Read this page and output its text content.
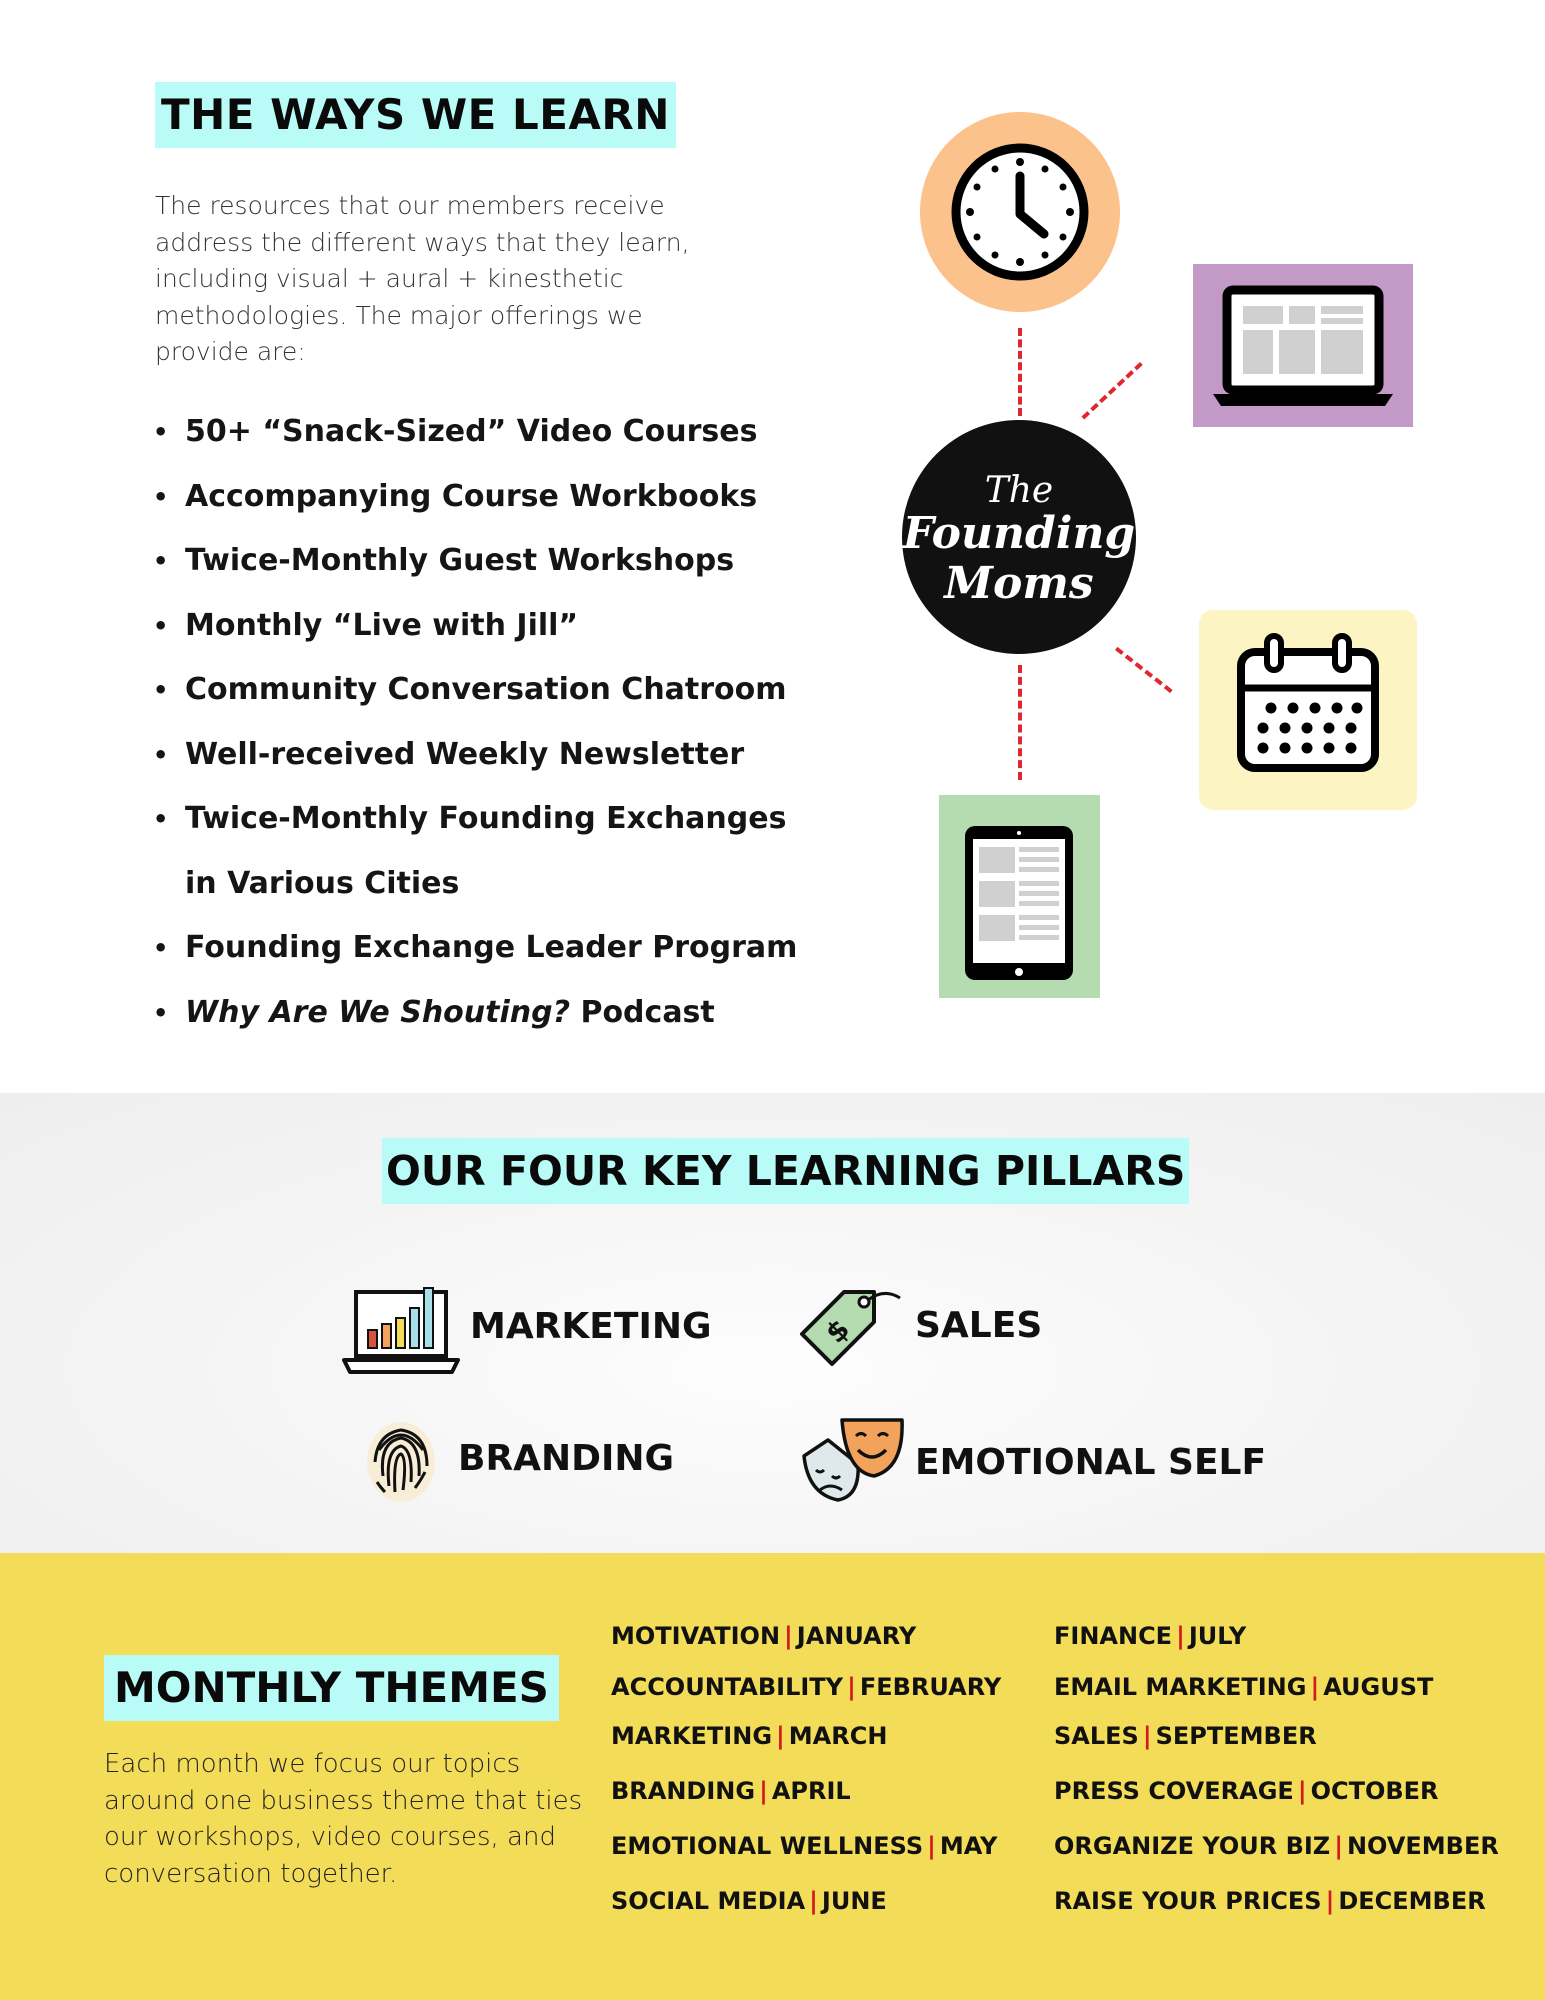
THE WAYS WE LEARN
The resources that our members receive address the different ways that they learn, including visual + aural + kinesthetic methodologies. The major offerings we provide are:
• 50+ “Snack-Sized” Video Courses
• Accompanying Course Workbooks
• Twice-Monthly Guest Workshops
• Monthly “Live with Jill”
• Community Conversation Chatroom
• Well-received Weekly Newsletter
• Twice-Monthly Founding Exchanges
in Various Cities
• Founding Exchange Leader Program
• Why Are We Shouting? Podcast
The
Founding
Moms
OUR FOUR KEY LEARNING PILLARS
MARKETING	$ SALES
BRANDING	EMOTIONAL SELF
MONTHLY THEMES
Each month we focus our topics around one business theme that ties our workshops, video courses, and conversation together.
MOTIVATION | JANUARY
ACCOUNTABILITY | FEBRUARY
MARKETING | MARCH
BRANDING | APRIL
EMOTIONAL WELLNESS | MAY
SOCIAL MEDIA | JUNE
FINANCE | JULY
EMAIL MARKETING | AUGUST
SALES | SEPTEMBER
PRESS COVERAGE | OCTOBER
ORGANIZE YOUR BIZ | NOVEMBER
RAISE YOUR PRICES | DECEMBER
